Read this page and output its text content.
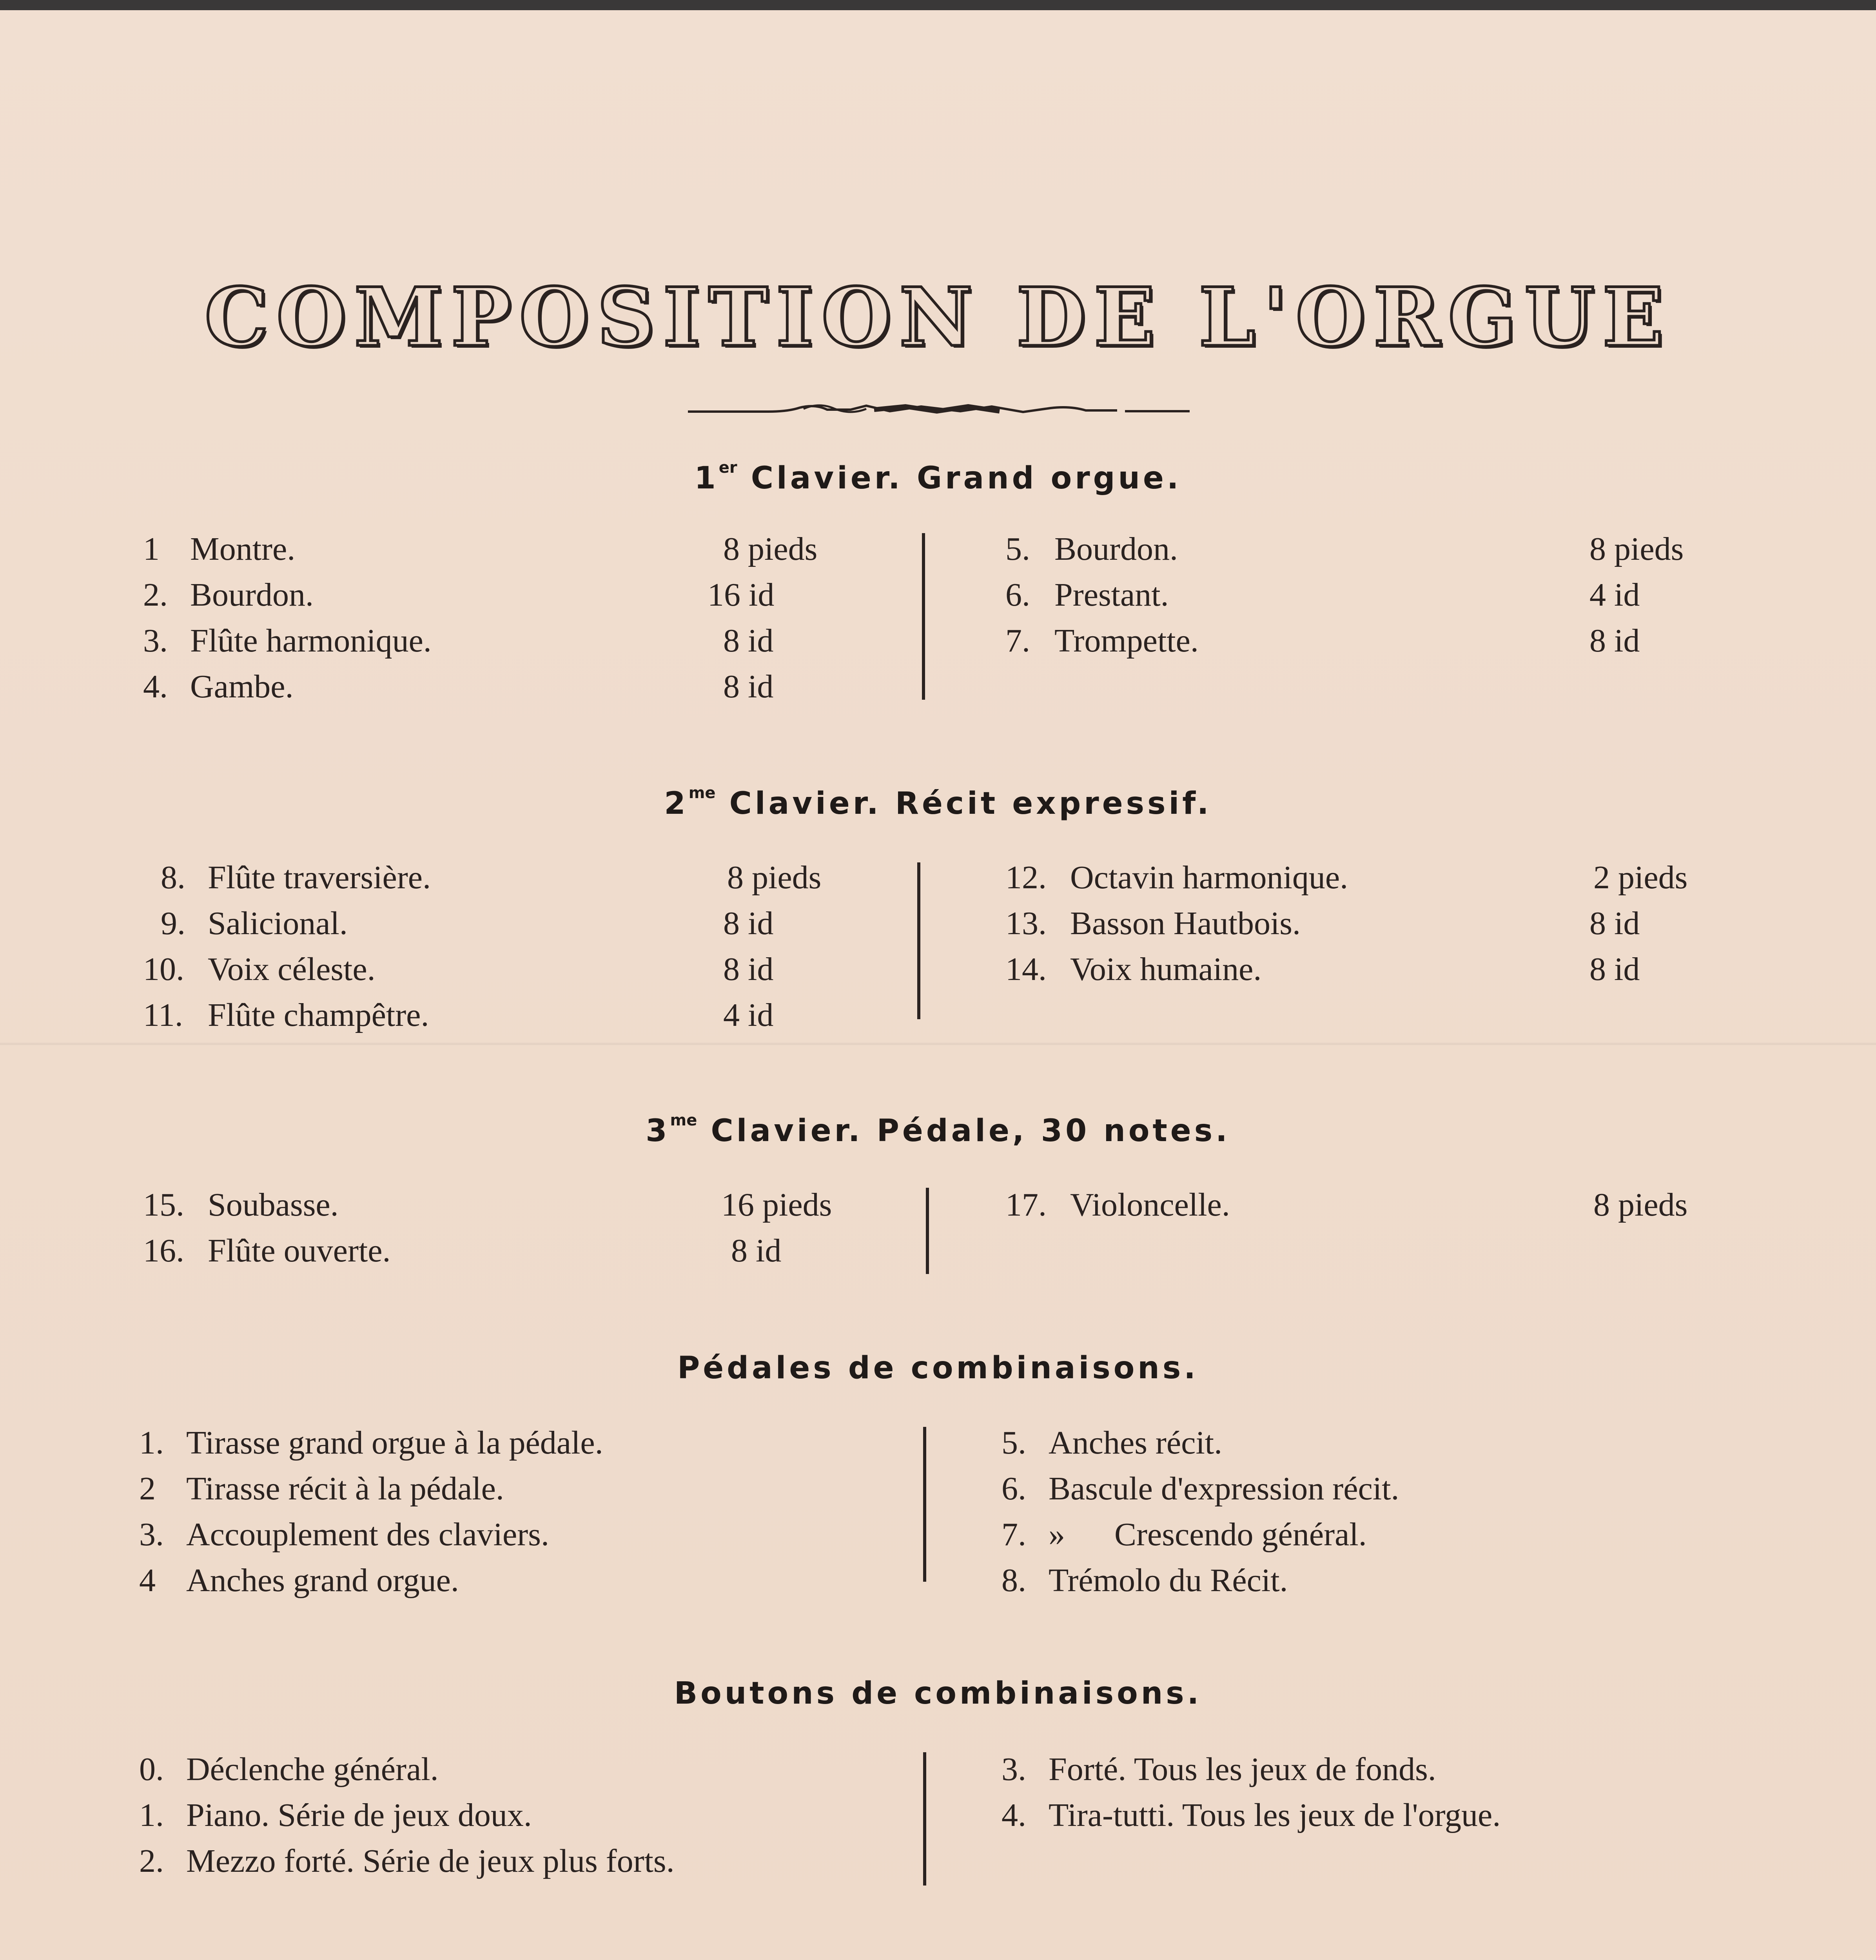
COMPOSITION DE L'ORGUE
1er Clavier. Grand orgue.
1 Montre.	8 pieds
2. Bourdon.	16 id
3. Flûte harmonique.	8 id
4. Gambe.	8 id
5. Bourdon.	8 pieds
6. Prestant.	4 id
7. Trompette.	8 id
$2^{me}$ Clavier. Récit expressif.
8. Flûte traversière.	8 pieds
9. Salicional.	8 id
10. Voix céleste.	8 id
11. Flûte champêtre.	4 id
12. Octavin harmonique.	2 pieds
13. Basson Hautbois.	8 id
14. Voix humaine.	8 id
$3^{me}$ Clavier. Pédale, 30 notes.
15. Soubasse.	16 pieds
16. Flûte ouverte.	8 id
17. Violoncelle.	8 pieds
Pédales de combinaisons.
1. Tirasse grand orgue à la pédale.
2 Tirasse récit à la pédale.
3. Accouplement des claviers.
4 Anches grand orgue.
5. Anches récit.
6. Bascule d'expression récit.
7. »      Crescendo général.
8. Trémolo du Récit.
Boutons de combinaisons.
0. Déclenche général.
1. Piano. Série de jeux doux.
2. Mezzo forté. Série de jeux plus forts.
3. Forté. Tous les jeux de fonds.
4. Tira-tutti. Tous les jeux de l'orgue.
